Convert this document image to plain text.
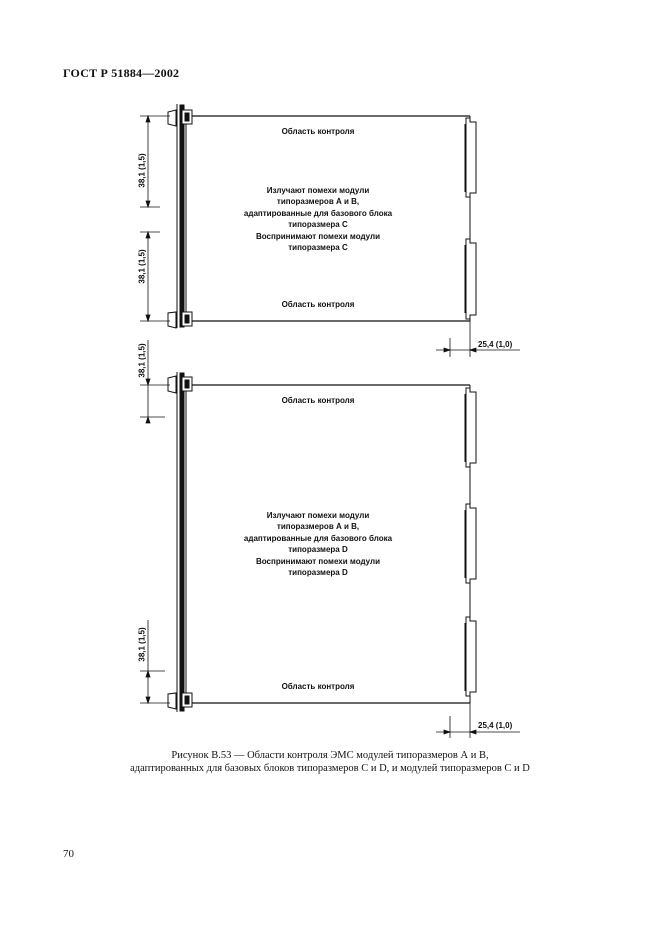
ГОСТ Р 51884—2002
Область контроля
Излучают помехи модули
типоразмеров А и В,
адаптированные для базового блока
типоразмера С
Воспринимают помехи модули
типоразмера С
Область контроля
38,1 (1,5)
38,1 (1,5)
25,4 (1,0)
38,1 (1,5)
Область контроля
Излучают помехи модули
типоразмеров А и В,
адаптированные для базового блока
типоразмера D
Воспринимают помехи модули
типоразмера D
Область контроля
38,1 (1,5)
25,4 (1,0)
Рисунок В.53 — Области контроля ЭМС модулей типоразмеров А и В,
адаптированных для базовых блоков типоразмеров С и D, и модулей типоразмеров С и D
70
